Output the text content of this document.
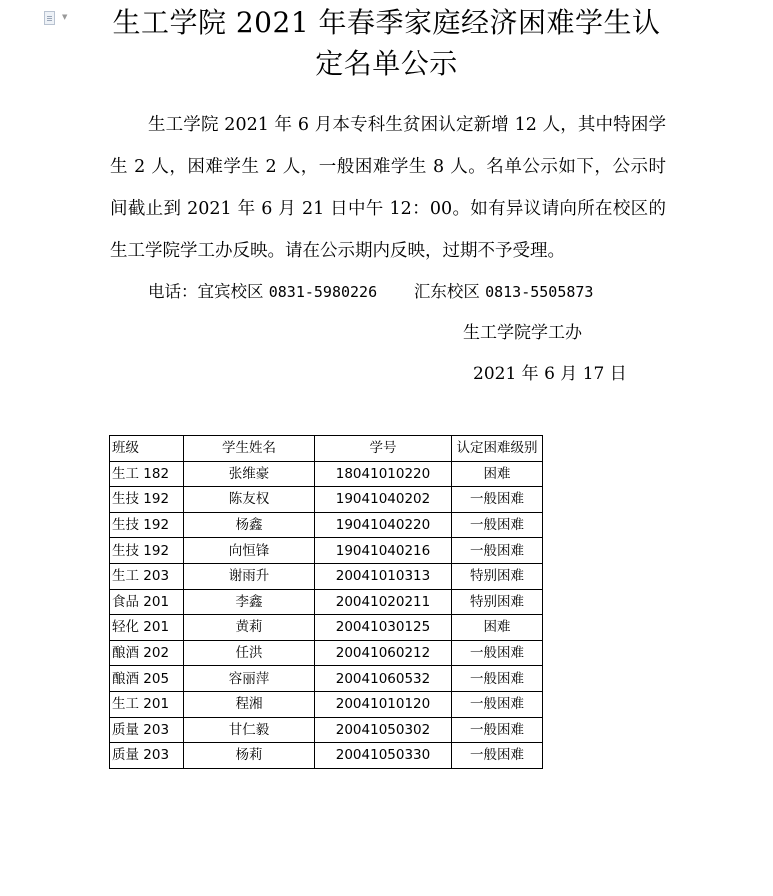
▼	生工学院 2021 年春季家庭经济困难学生认定名单公示

生工学院 2021 年 6 月本专科生贫困认定新增 12 人，其中特困学生 2 人，困难学生 2 人，一般困难学生 8 人。名单公示如下，公示时间截止到 2021 年 6 月 21 日中午 12：00。如有异议请向所在校区的生工学院学工办反映。请在公示期内反映，过期不予受理。

电话：宜宾校区 0831-5980226 汇东校区 0813-5505873
生工学院学工办
2021 年 6 月 17 日
班级	学生姓名	学号	认定困难级别
生工 182	张维豪	18041010220	困难
生技 192	陈友权	19041040202	一般困难
生技 192	杨鑫	19041040220	一般困难
生技 192	向恒锋	19041040216	一般困难
生工 203	谢雨升	20041010313	特别困难
食品 201	李鑫	20041020211	特别困难
轻化 201	黄莉	20041030125	困难
酿酒 202	任洪	20041060212	一般困难
酿酒 205	容丽萍	20041060532	一般困难
生工 201	程湘	20041010120	一般困难
质量 203	甘仁毅	20041050302	一般困难
质量 203	杨莉	20041050330	一般困难
